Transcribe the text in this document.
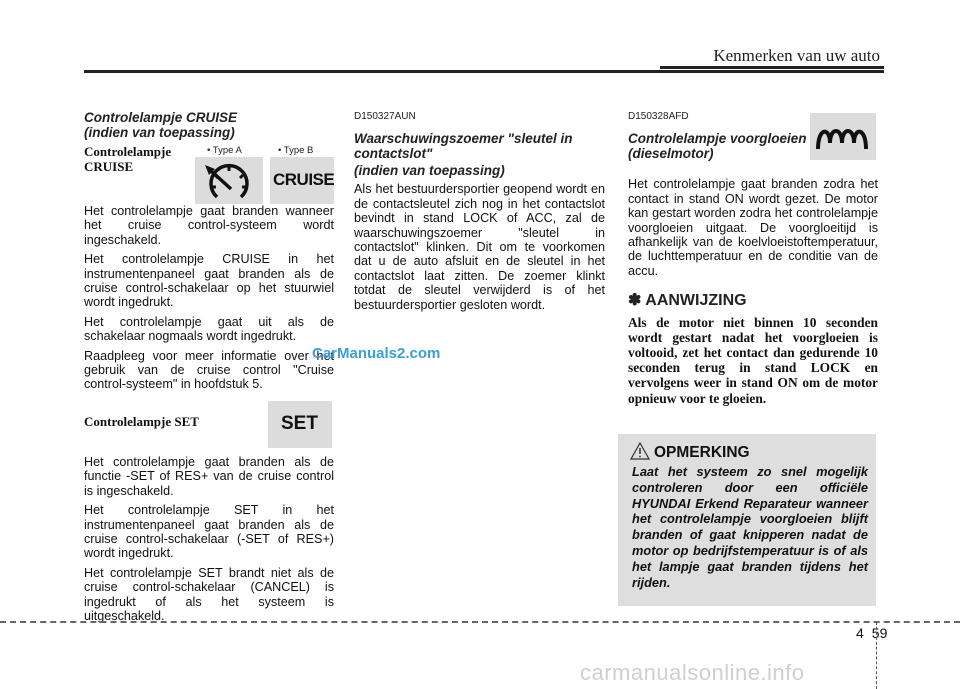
Kenmerken van uw auto
Controlelampje CRUISE
(indien van toepassing)
Controlelampje
CRUISE

Het controlelampje gaat branden wanneer het cruise control-systeem wordt ingeschakeld.

Het controlelampje CRUISE in het instrumentenpaneel gaat branden als de cruise control-schakelaar op het stuurwiel wordt ingedrukt.

Het controlelampje gaat uit als de schakelaar nogmaals wordt ingedrukt.

Raadpleeg voor meer informatie over het gebruik van de cruise control "Cruise control-systeem" in hoofdstuk 5.

Controlelampje SET

Het controlelampje gaat branden als de functie -SET of RES+ van de cruise control is ingeschakeld.

Het controlelampje SET in het instrumentenpaneel gaat branden als de cruise control-schakelaar (-SET of RES+) wordt ingedrukt.

Het controlelampje SET brandt niet als de cruise control-schakelaar (CANCEL) is ingedrukt of als het systeem is uitgeschakeld.

• Type A	• Type B
CRUISE
SET
D150327AUN
Waarschuwingszoemer "sleutel in
contactslot"
(indien van toepassing)

Als het bestuurdersportier geopend wordt en de contactsleutel zich nog in het contactslot bevindt in stand LOCK of ACC, zal de waarschuwingszoemer "sleutel in contactslot" klinken. Dit om te voorkomen dat u de auto afsluit en de sleutel in het contactslot laat zitten. De zoemer klinkt totdat de sleutel verwijderd is of het bestuurdersportier gesloten wordt.

D150328AFD
Controlelampje voorgloeien
(dieselmotor)

Het controlelampje gaat branden zodra het contact in stand ON wordt gezet. De motor kan gestart worden zodra het controlelampje voorgloeien uitgaat. De voorgloeitijd is afhankelijk van de koelvloeistoftemperatuur, de luchttemperatuur en de conditie van de accu.

✽ AANWIJZING
Als de motor niet binnen 10 seconden wordt gestart nadat het voorgloeien is voltooid, zet het contact dan gedurende 10 seconden terug in stand LOCK en vervolgens weer in stand ON om de motor opnieuw voor te gloeien.
OPMERKING
Laat het systeem zo snel mogelijk controleren door een officiële HYUNDAI Erkend Reparateur wanneer het controlelampje voorgloeien blijft branden of gaat knipperen nadat de motor op bedrijfstemperatuur is of als het lampje gaat branden tijdens het rijden.
CarManuals2.com
4 59
carmanualsonline.info
